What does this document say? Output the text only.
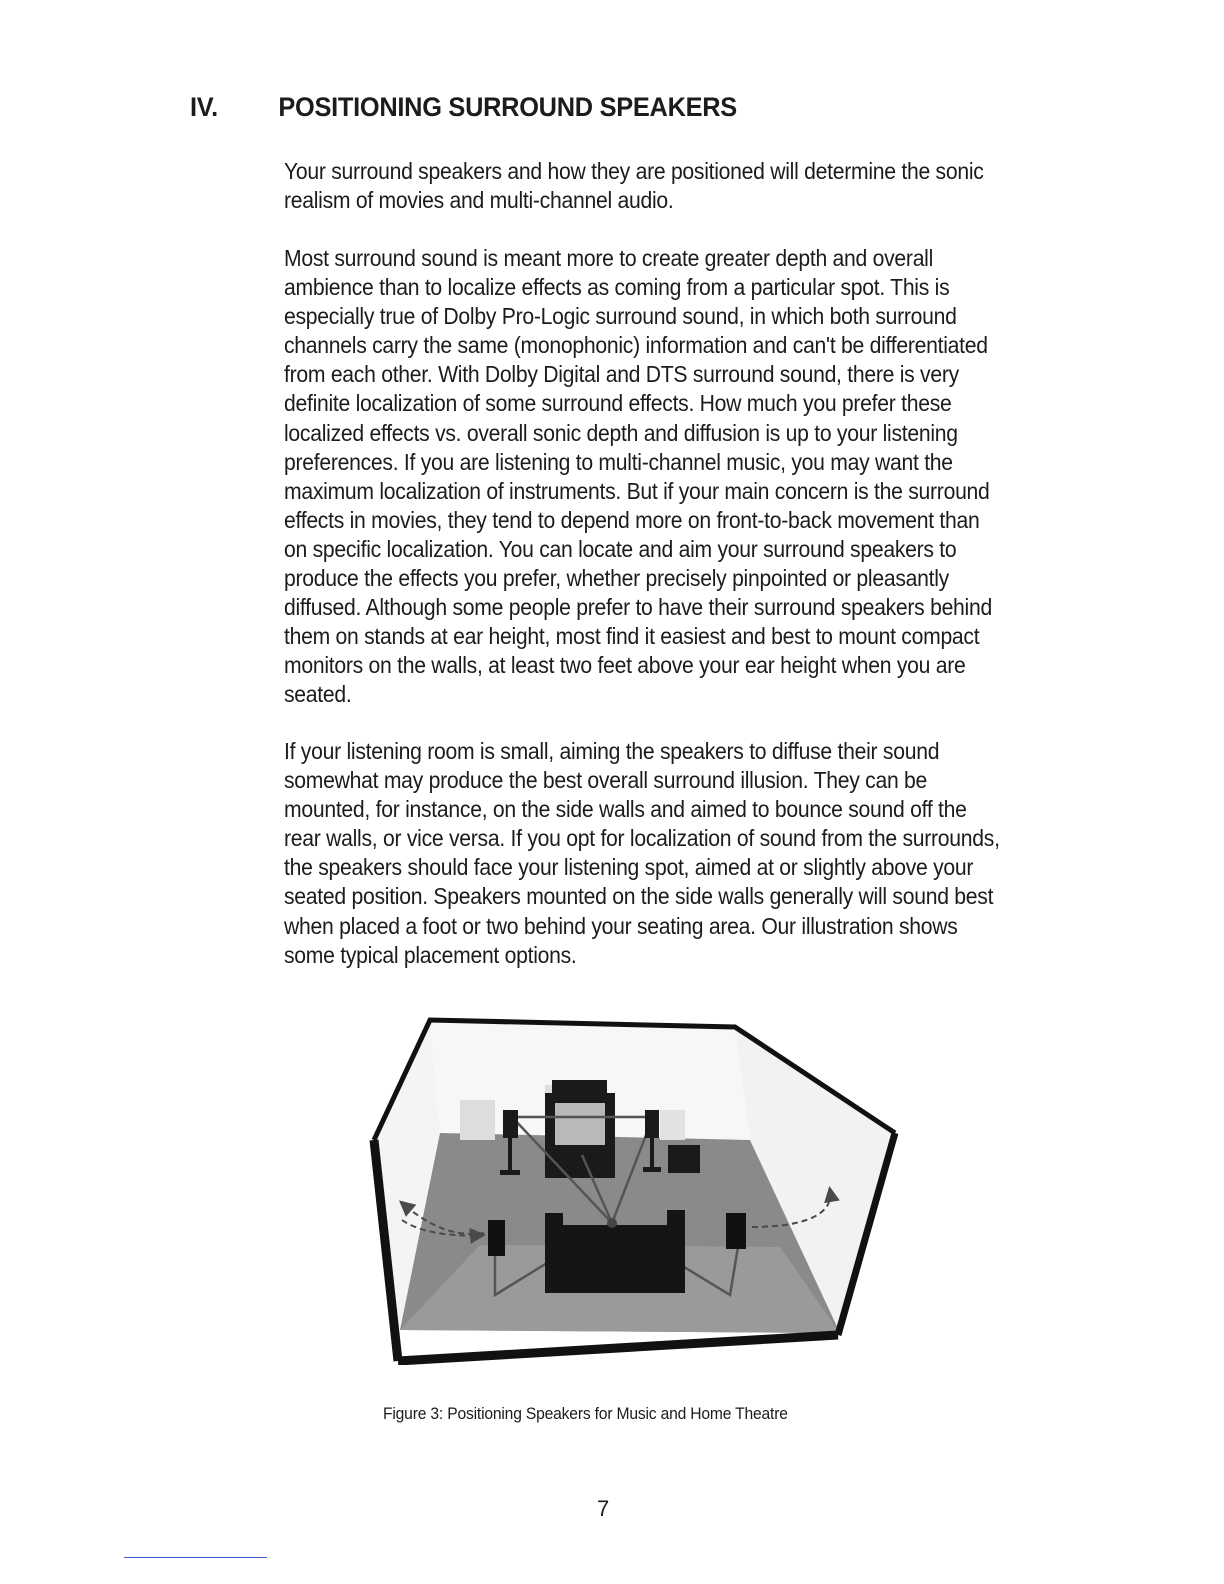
IV. POSITIONING SURROUND SPEAKERS
Your surround speakers and how they are positioned will determine the sonic
realism of movies and multi-channel audio.
Most surround sound is meant more to create greater depth and overall
ambience than to localize effects as coming from a particular spot. This is
especially true of Dolby Pro-Logic surround sound, in which both surround
channels carry the same (monophonic) information and can't be differentiated
from each other. With Dolby Digital and DTS surround sound, there is very
definite localization of some surround effects. How much you prefer these
localized effects vs. overall sonic depth and diffusion is up to your listening
preferences. If you are listening to multi-channel music, you may want the
maximum localization of instruments. But if your main concern is the surround
effects in movies, they tend to depend more on front-to-back movement than
on specific localization. You can locate and aim your surround speakers to
produce the effects you prefer, whether precisely pinpointed or pleasantly
diffused. Although some people prefer to have their surround speakers behind
them on stands at ear height, most find it easiest and best to mount compact
monitors on the walls, at least two feet above your ear height when you are
seated.
If your listening room is small, aiming the speakers to diffuse their sound
somewhat may produce the best overall surround illusion. They can be
mounted, for instance, on the side walls and aimed to bounce sound off the
rear walls, or vice versa. If you opt for localization of sound from the surrounds,
the speakers should face your listening spot, aimed at or slightly above your
seated position. Speakers mounted on the side walls generally will sound best
when placed a foot or two behind your seating area. Our illustration shows
some typical placement options.
Figure 3: Positioning Speakers for Music and Home Theatre
7
